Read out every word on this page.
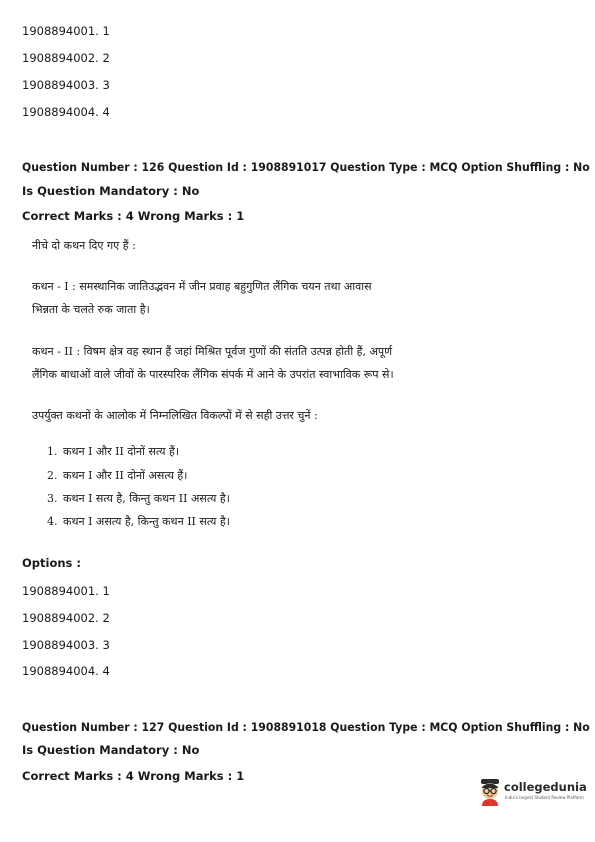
1908894001. 1
1908894002. 2
1908894003. 3
1908894004. 4
Question Number : 126 Question Id : 1908891017 Question Type : MCQ Option Shuffling : No
Is Question Mandatory : No
Correct Marks : 4 Wrong Marks : 1
नीचे दो कथन दिए गए हैं :
कथन - I : समस्थानिक जातिउद्भवन में जीन प्रवाह बहुगुणित लैंगिक चयन तथा आवास
भिन्नता के चलते रुक जाता है।
कथन - II : विषम क्षेत्र वह स्थान हैं जहां मिश्रित पूर्वज गुणों की संतति उत्पन्न होती हैं, अपूर्ण
लैंगिक बाधाओं वाले जीवों के पारस्परिक लैंगिक संपर्क में आने के उपरांत स्वाभाविक रूप से।
उपर्युक्त कथनों के आलोक में निम्नलिखित विकल्पों में से सही उत्तर चुनें :
1. कथन I और II दोनों सत्य हैं।
2. कथन I और II दोनों असत्य हैं।
3. कथन I सत्य है, किन्तु कथन II असत्य है।
4. कथन I असत्य है, किन्तु कथन II सत्य है।
Options :
1908894001. 1
1908894002. 2
1908894003. 3
1908894004. 4
Question Number : 127 Question Id : 1908891018 Question Type : MCQ Option Shuffling : No
Is Question Mandatory : No
Correct Marks : 4 Wrong Marks : 1
collegedunia
India's largest Student Review Platform
